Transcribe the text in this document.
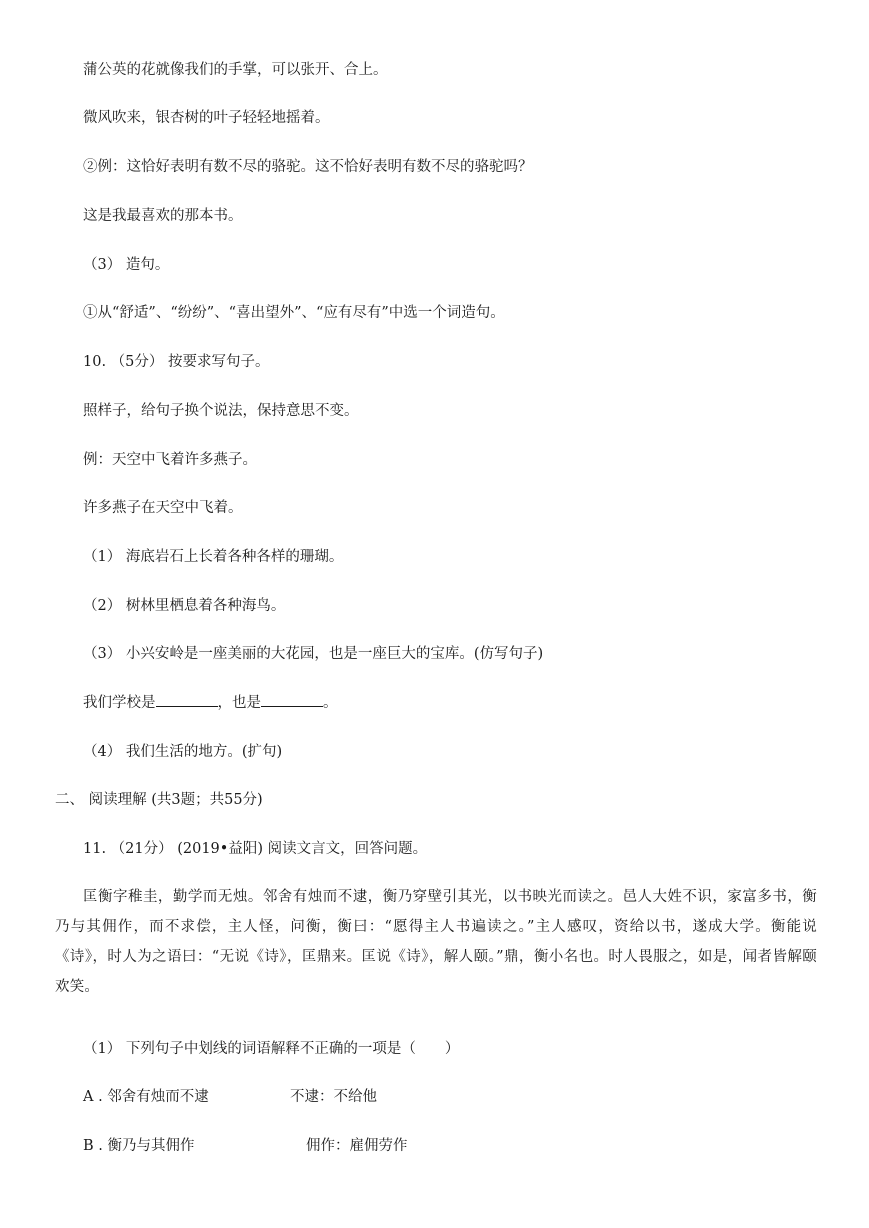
蒲公英的花就像我们的手掌，可以张开、合上。
微风吹来，银杏树的叶子轻轻地摇着。
②例：这恰好表明有数不尽的骆驼。这不恰好表明有数不尽的骆驼吗？
这是我最喜欢的那本书。
（3） 造句。
①从“舒适”、“纷纷”、“喜出望外”、“应有尽有”中选一个词造句。
10. （5分） 按要求写句子。
照样子，给句子换个说法，保持意思不变。
例：天空中飞着许多燕子。
许多燕子在天空中飞着。
（1） 海底岩石上长着各种各样的珊瑚。
（2） 树林里栖息着各种海鸟。
（3） 小兴安岭是一座美丽的大花园，也是一座巨大的宝库。(仿写句子)
我们学校是	，也是	。
（4） 我们生活的地方。(扩句)
二、 阅读理解 (共3题；共55分)
11. （21分） (2019•益阳) 阅读文言文，回答问题。
匡衡字稚圭，勤学而无烛。邻舍有烛而不逮，衡乃穿壁引其光，以书映光而读之。邑人大姓不识，家富多书，衡乃与其佣作，而不求偿，主人怪，问衡，衡曰：“愿得主人书遍读之。”主人感叹，资给以书，遂成大学。衡能说《诗》，时人为之语曰：“无说《诗》，匡鼎来。匡说《诗》，解人颐。”鼎，衡小名也。时人畏服之，如是，闻者皆解颐欢笑。
（1） 下列句子中划线的词语解释不正确的一项是（　　）
A . 邻舍有烛而不逮	不逮：不给他
B . 衡乃与其佣作	佣作：雇佣劳作
